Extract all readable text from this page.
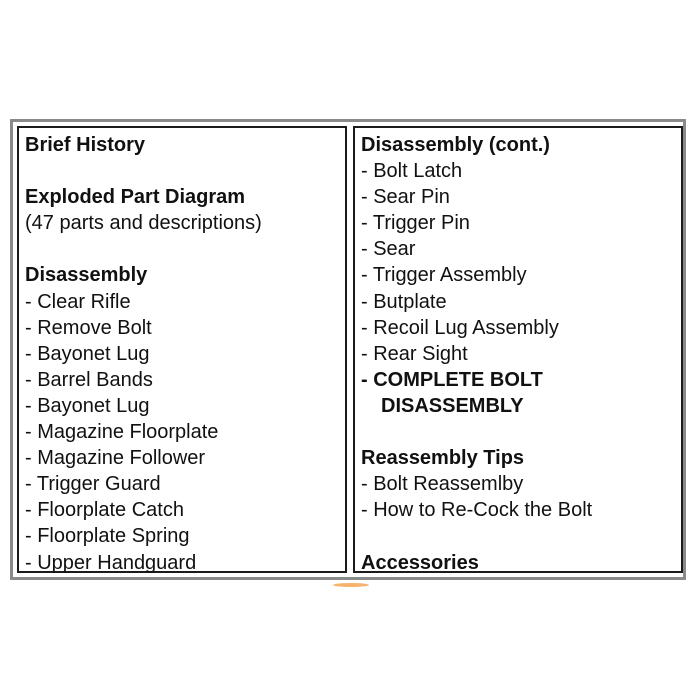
Brief History
Exploded Part Diagram
(47 parts and descriptions)
Disassembly
- Clear Rifle
- Remove Bolt
- Bayonet Lug
- Barrel Bands
- Bayonet Lug
- Magazine Floorplate
- Magazine Follower
- Trigger Guard
- Floorplate Catch
- Floorplate Spring
- Upper Handguard
Disassembly (cont.)
- Bolt Latch
- Sear Pin
- Trigger Pin
- Sear
- Trigger Assembly
- Butplate
- Recoil Lug Assembly
- Rear Sight
- COMPLETE BOLT
DISASSEMBLY
Reassembly Tips
- Bolt Reassemlby
- How to Re-Cock the Bolt
Accessories
